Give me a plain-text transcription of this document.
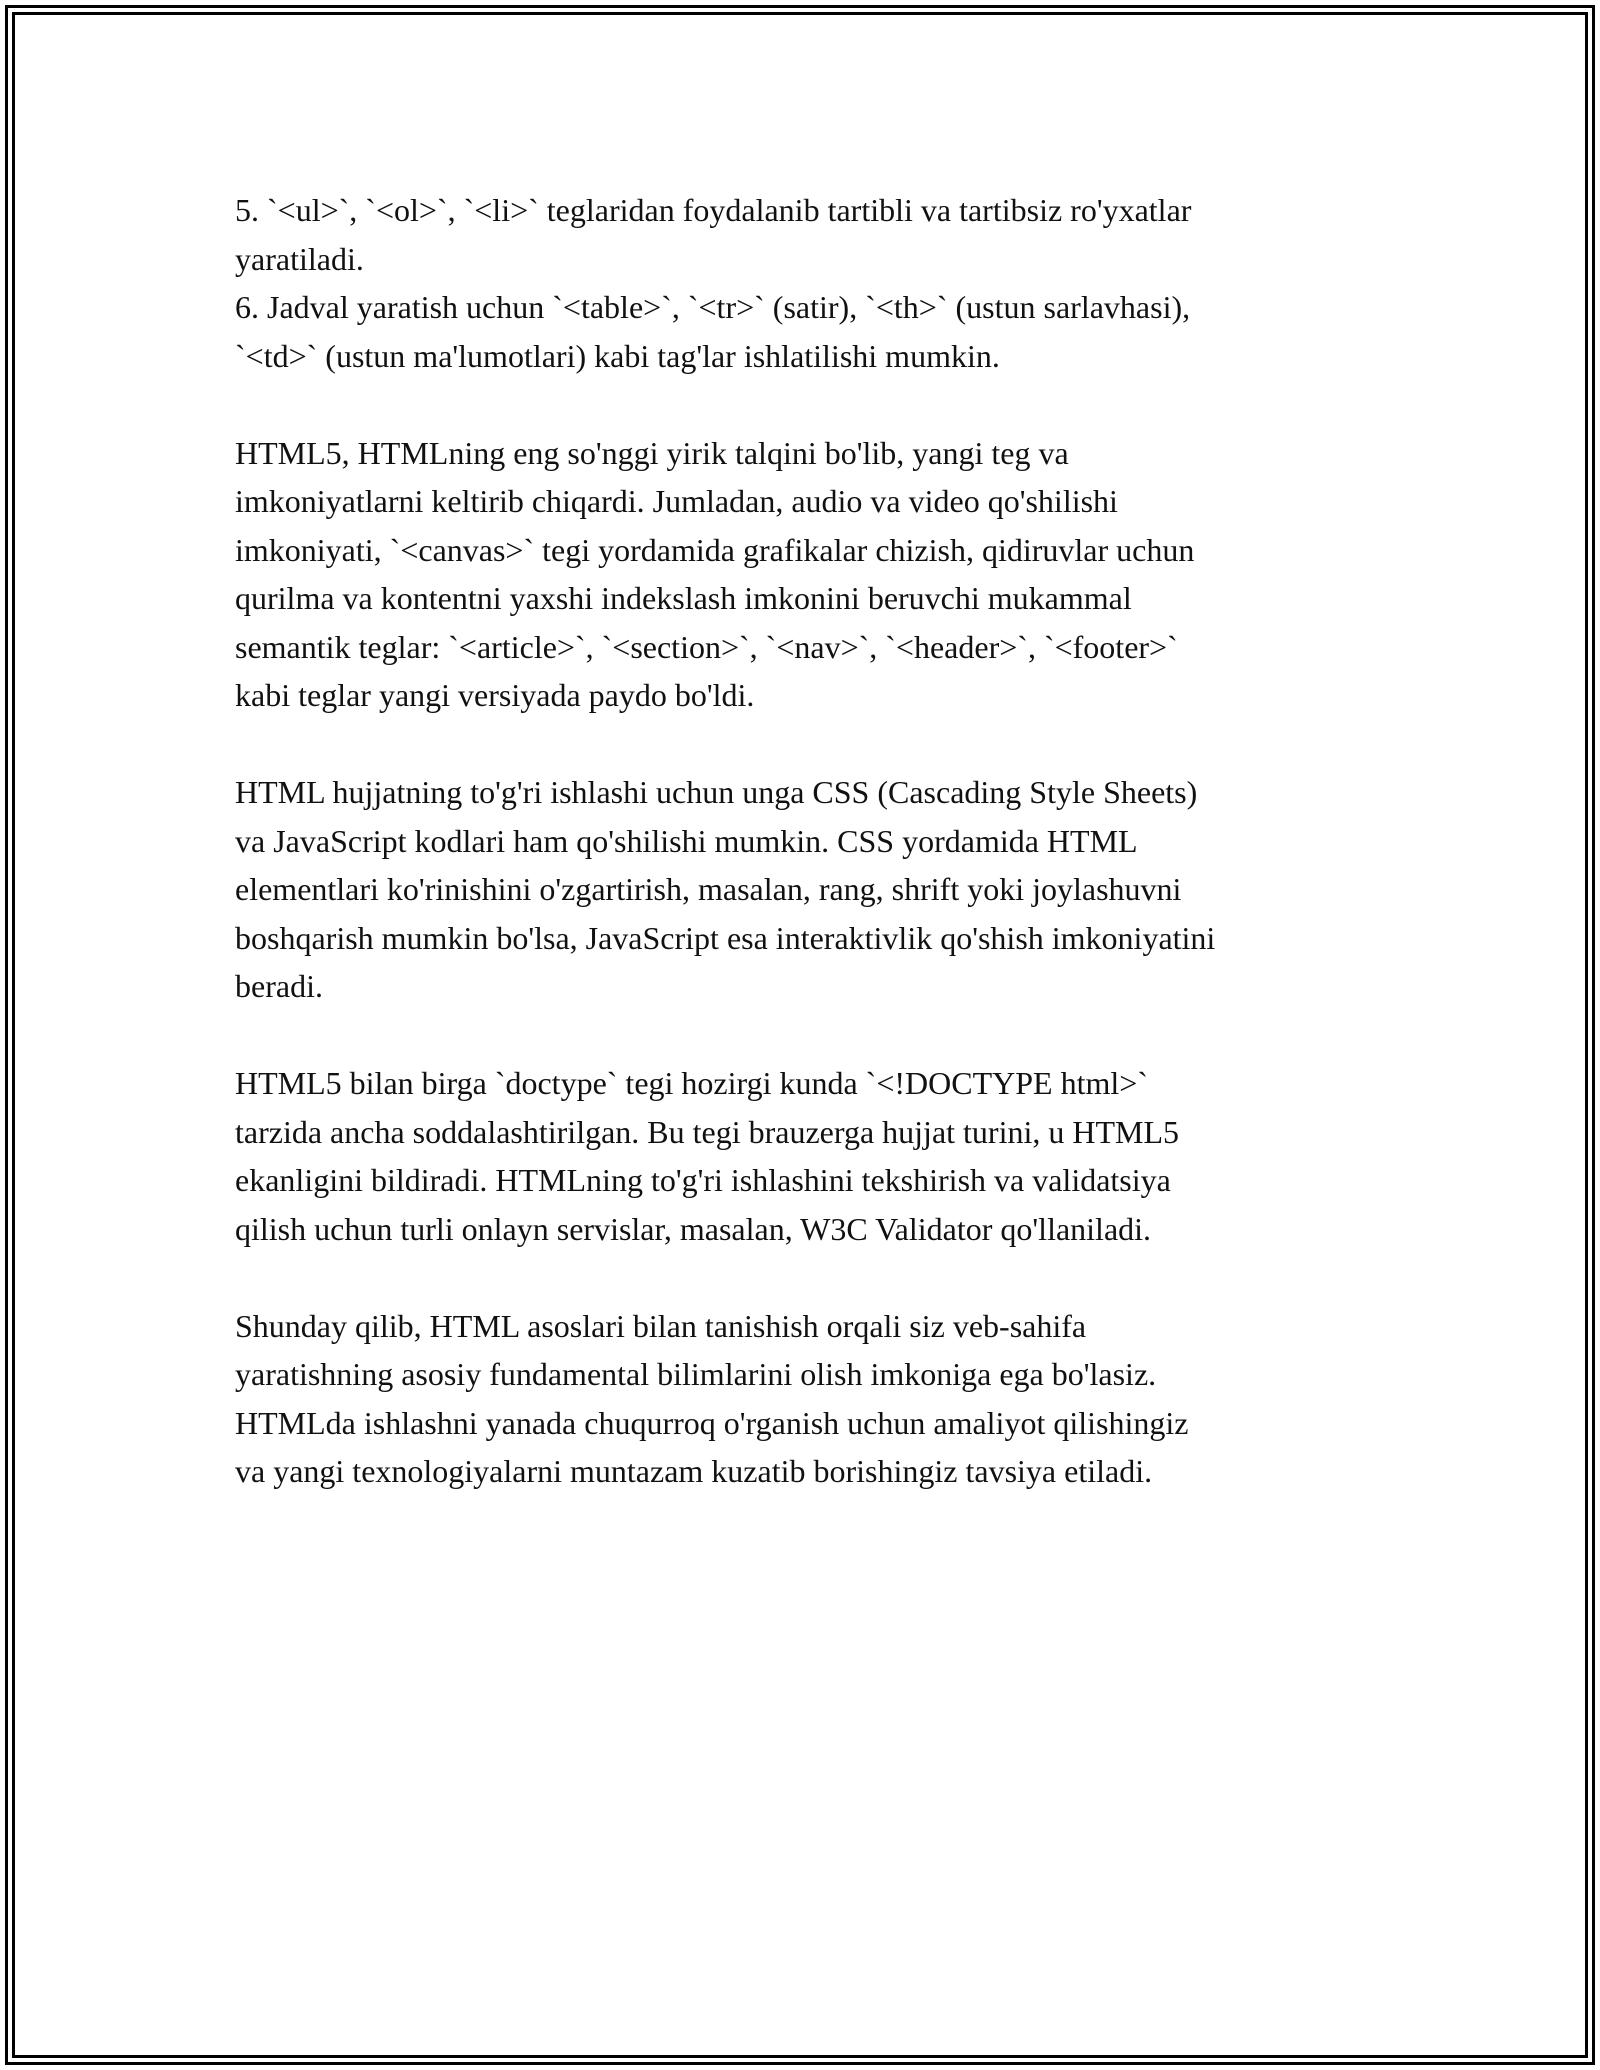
5. `<ul>`, `<ol>`, `<li>` teglaridan foydalanib tartibli va tartibsiz ro'yxatlar
yaratiladi.

6. Jadval yaratish uchun `<table>`, `<tr>` (satir), `<th>` (ustun sarlavhasi),
`<td>` (ustun ma'lumotlari) kabi tag'lar ishlatilishi mumkin.

HTML5, HTMLning eng so'nggi yirik talqini bo'lib, yangi teg va
imkoniyatlarni keltirib chiqardi. Jumladan, audio va video qo'shilishi
imkoniyati, `<canvas>` tegi yordamida grafikalar chizish, qidiruvlar uchun
qurilma va kontentni yaxshi indekslash imkonini beruvchi mukammal
semantik teglar: `<article>`, `<section>`, `<nav>`, `<header>`, `<footer>`
kabi teglar yangi versiyada paydo bo'ldi.

HTML hujjatning to'g'ri ishlashi uchun unga CSS (Cascading Style Sheets)
va JavaScript kodlari ham qo'shilishi mumkin. CSS yordamida HTML
elementlari ko'rinishini o'zgartirish, masalan, rang, shrift yoki joylashuvni
boshqarish mumkin bo'lsa, JavaScript esa interaktivlik qo'shish imkoniyatini
beradi.

HTML5 bilan birga `doctype` tegi hozirgi kunda `<!DOCTYPE html>`
tarzida ancha soddalashtirilgan. Bu tegi brauzerga hujjat turini, u HTML5
ekanligini bildiradi. HTMLning to'g'ri ishlashini tekshirish va validatsiya
qilish uchun turli onlayn servislar, masalan, W3C Validator qo'llaniladi.

Shunday qilib, HTML asoslari bilan tanishish orqali siz veb-sahifa
yaratishning asosiy fundamental bilimlarini olish imkoniga ega bo'lasiz.
HTMLda ishlashni yanada chuqurroq o'rganish uchun amaliyot qilishingiz
va yangi texnologiyalarni muntazam kuzatib borishingiz tavsiya etiladi.
